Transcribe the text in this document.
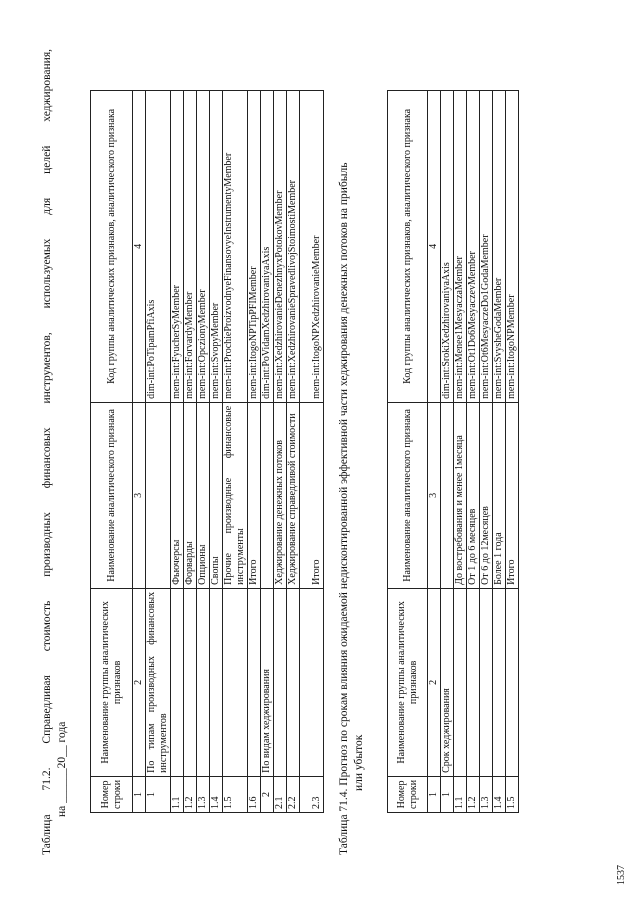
1537
Таблица 71.2. Справедливая стоимость производных финансовых инструментов, используемых для целей хеджирования, на ______20__ года	Номер строки	Наименование группы аналитических признаков	Наименование аналитического признака	Код группы аналитических признаков, аналитического признака
1	2	3	4
1	По типам производных финансовых инструментов		dim-int:PoTipamPfiAxis
1.1		Фьючерсы	mem-int:FyucherSyMember
1.2		Форварды	mem-int:ForvardyMember
1.3		Опционы	mem-int:OpczionyMember
1.4		Свопы	mem-int:SvopyMember
1.5		Прочие производные финансовые инструменты	mem-int:ProchieProizvodnyeFinansovyeInstrumentyMember
1.6		Итого	mem-int:ItogoNPTipPFIMember
2	По видам хеджирования		dim-int:PoVidamXedzhirovaniyaAxis
2.1		Хеджирование денежных потоков	mem-int:XedzhirovanieDenezhnyxPotokovMember
2.2		Хеджирование справедливой стоимости	mem-int:XedzhirovanieSpravedlivojStoimostiMember
2.3		Итого	mem-int:ItogoNPXedzhirovanieMember Таблица 71.4. Прогноз по срокам влияния ожидаемой недисконтированной эффективной части хеджирования денежных потоков на прибыль или убыток
Номер строки	Наименование группы аналитических признаков	Наименование аналитического признака	Код группы аналитических признаков, аналитического признака
1	2	3	4
1	Срок хеджирования		dim-int:SrokiXedzhirovaniyaAxis
1.1		До востребования и менее 1месяца	mem-int:Menee1MesyaczaMember
1.2		От 1 до 6 месяцев	mem-int:Ot1Do6MesyaczevMember
1.3		От 6 до 12месяцев	mem-int:Ot6MesyaczeDo1GodaMember
1.4		Более 1 года	mem-int:SvysheGodaMember
1.5		Итого	mem-int:ItogoNPMember
